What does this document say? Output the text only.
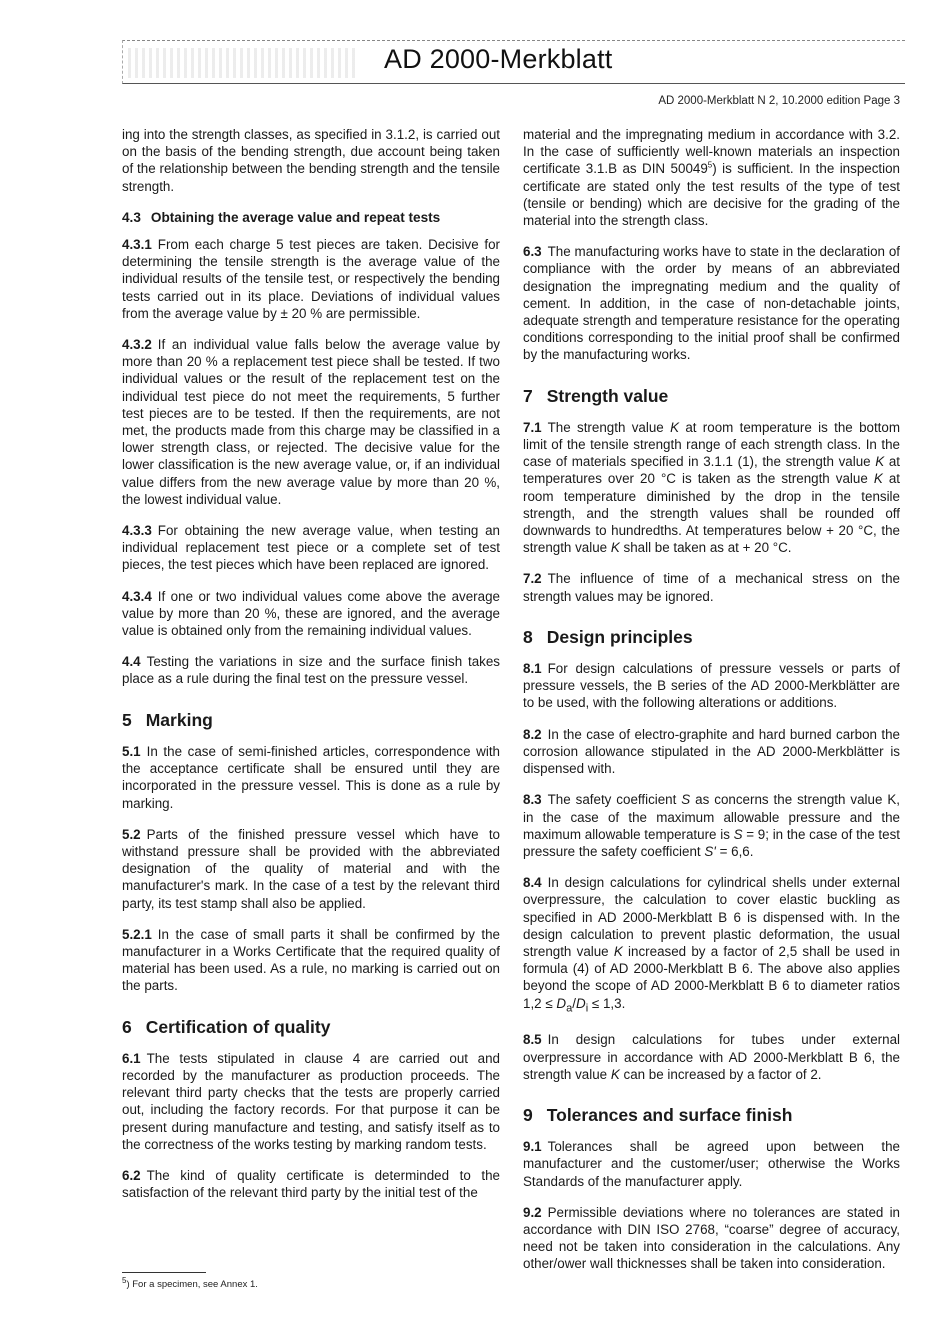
AD 2000-Merkblatt
AD 2000-Merkblatt N 2, 10.2000 edition Page 3

ing into the strength classes, as specified in 3.1.2, is carried out on the basis of the bending strength, due account being taken of the relationship between the bending strength and the tensile strength.

4.3 Obtaining the average value and repeat tests

4.3.1 From each charge 5 test pieces are taken. Decisive for determining the tensile strength is the average value of the individual results of the tensile test, or respectively the bending tests carried out in its place. Deviations of individual values from the average value by ± 20 % are permissible.

4.3.2 If an individual value falls below the average value by more than 20 % a replacement test piece shall be tested. If two individual values or the result of the replacement test on the individual test piece do not meet the requirements, 5 further test pieces are to be tested. If then the requirements, are not met, the products made from this charge may be classified in a lower strength class, or rejected. The decisive value for the lower classification is the new average value, or, if an individual value differs from the new average value by more than 20 %, the lowest individual value.

4.3.3 For obtaining the new average value, when testing an individual replacement test piece or a complete set of test pieces, the test pieces which have been replaced are ignored.

4.3.4 If one or two individual values come above the average value by more than 20 %, these are ignored, and the average value is obtained only from the remaining individual values.

4.4 Testing the variations in size and the surface finish takes place as a rule during the final test on the pressure vessel.

5 Marking

5.1 In the case of semi-finished articles, correspondence with the acceptance certificate shall be ensured until they are incorporated in the pressure vessel. This is done as a rule by marking.

5.2 Parts of the finished pressure vessel which have to withstand pressure shall be provided with the abbreviated designation of the quality of material and with the manufacturer's mark. In the case of a test by the relevant third party, its test stamp shall also be applied.

5.2.1 In the case of small parts it shall be confirmed by the manufacturer in a Works Certificate that the required quality of material has been used. As a rule, no marking is carried out on the parts.

6 Certification of quality

6.1 The tests stipulated in clause 4 are carried out and recorded by the manufacturer as production proceeds. The relevant third party checks that the tests are properly carried out, including the factory records. For that purpose it can be present during manufacture and testing, and satisfy itself as to the correctness of the works testing by marking random tests.

6.2 The kind of quality certificate is determinded to the satisfaction of the relevant third party by the initial test of the

material and the impregnating medium in accordance with 3.2. In the case of sufficiently well-known materials an inspection certificate 3.1.B as DIN 50049$^5$) is sufficient. In the inspection certificate are stated only the test results of the type of test (tensile or bending) which are decisive for the grading of the material into the strength class.

6.3 The manufacturing works have to state in the declaration of compliance with the order by means of an abbreviated designation the impregnating medium and the quality of cement. In addition, in the case of non-detachable joints, adequate strength and temperature resistance for the operating conditions corresponding to the initial proof shall be confirmed by the manufacturing works.

7 Strength value

7.1 The strength value K at room temperature is the bottom limit of the tensile strength range of each strength class. In the case of materials specified in 3.1.1 (1), the strength value K at temperatures over 20 °C is taken as the strength value K at room temperature diminished by the drop in the tensile strength, and the strength values shall be rounded off downwards to hundredths. At temperatures below + 20 °C, the strength value K shall be taken as at + 20 °C.

7.2 The influence of time of a mechanical stress on the strength values may be ignored.

8 Design principles

8.1 For design calculations of pressure vessels or parts of pressure vessels, the B series of the AD 2000-Merkblätter are to be used, with the following alterations or additions.

8.2 In the case of electro-graphite and hard burned carbon the corrosion allowance stipulated in the AD 2000-Merkblätter is dispensed with.

8.3 The safety coefficient S as concerns the strength value K, in the case of the maximum allowable pressure and the maximum allowable temperature is S = 9; in the case of the test pressure the safety coefficient S' = 6,6.

8.4 In design calculations for cylindrical shells under external overpressure, the calculation to cover elastic buckling as specified in AD 2000-Merkblatt B 6 is dispensed with. In the design calculation to prevent plastic deformation, the usual strength value K increased by a factor of 2,5 shall be used in formula (4) of AD 2000-Merkblatt B 6. The above also applies beyond the scope of AD 2000-Merkblatt B 6 to diameter ratios $1,2 \le D_a/D_i \le 1,3$.

8.5 In design calculations for tubes under external overpressure in accordance with AD 2000-Merkblatt B 6, the strength value K can be increased by a factor of 2.

9 Tolerances and surface finish

9.1 Tolerances shall be agreed upon between the manufacturer and the customer/user; otherwise the Works Standards of the manufacturer apply.

9.2 Permissible deviations where no tolerances are stated in accordance with DIN ISO 2768, “coarse” degree of accuracy, need not be taken into consideration in the calculations. Any other/ower wall thicknesses shall be taken into consideration.

$^5$) For a specimen, see Annex 1.
